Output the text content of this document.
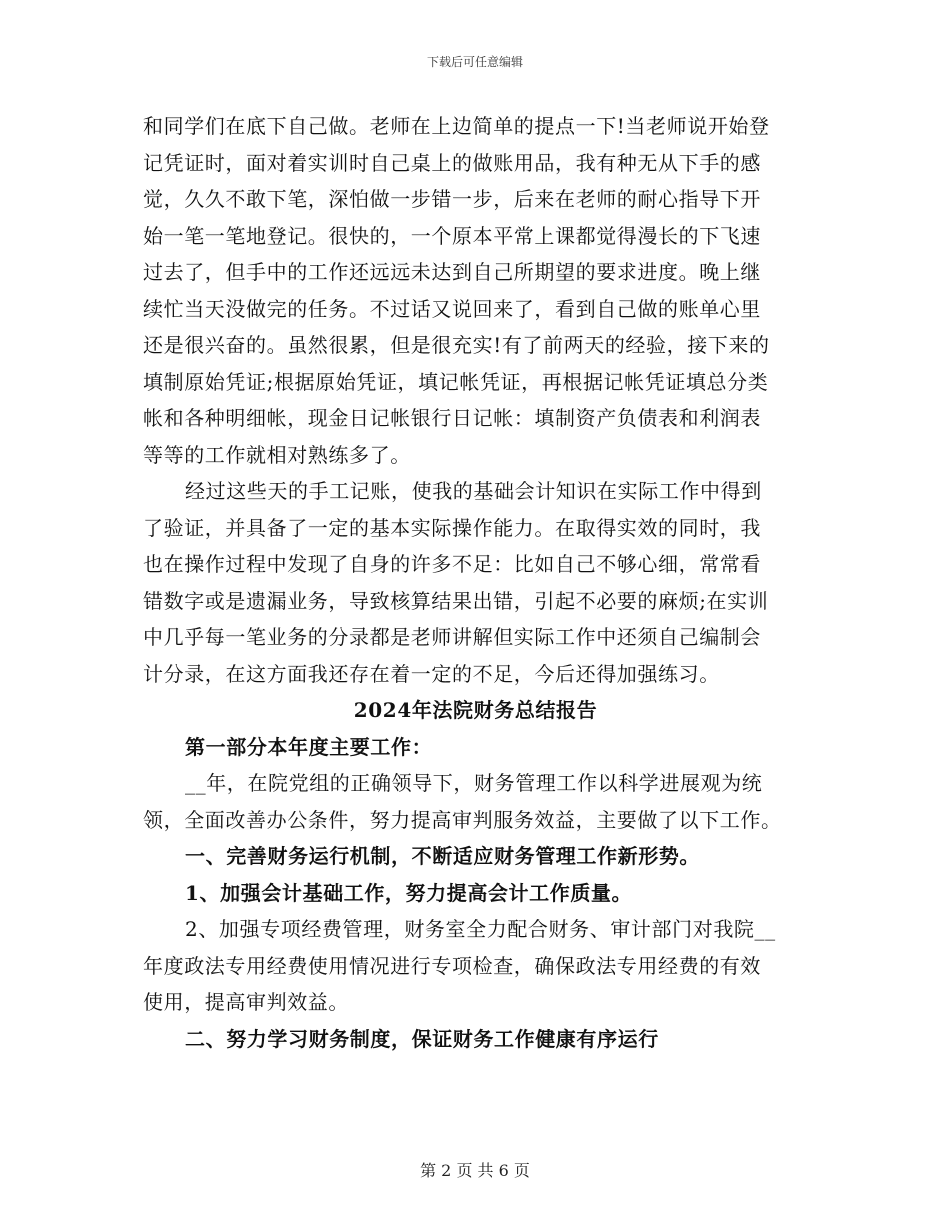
下载后可任意编辑
和同学们在底下自己做。老师在上边简单的提点一下!当老师说开始登
记凭证时，面对着实训时自己桌上的做账用品，我有种无从下手的感
觉，久久不敢下笔，深怕做一步错一步，后来在老师的耐心指导下开
始一笔一笔地登记。很快的，一个原本平常上课都觉得漫长的下飞速
过去了，但手中的工作还远远未达到自己所期望的要求进度。晚上继
续忙当天没做完的任务。不过话又说回来了，看到自己做的账单心里
还是很兴奋的。虽然很累，但是很充实!有了前两天的经验，接下来的
填制原始凭证;根据原始凭证，填记帐凭证，再根据记帐凭证填总分类
帐和各种明细帐，现金日记帐银行日记帐：填制资产负债表和利润表
等等的工作就相对熟练多了。
经过这些天的手工记账，使我的基础会计知识在实际工作中得到
了验证，并具备了一定的基本实际操作能力。在取得实效的同时，我
也在操作过程中发现了自身的许多不足：比如自己不够心细，常常看
错数字或是遗漏业务，导致核算结果出错，引起不必要的麻烦;在实训
中几乎每一笔业务的分录都是老师讲解但实际工作中还须自己编制会
计分录，在这方面我还存在着一定的不足，今后还得加强练习。
2024年法院财务总结报告
第一部分本年度主要工作：
__年，在院党组的正确领导下，财务管理工作以科学进展观为统
领，全面改善办公条件，努力提高审判服务效益，主要做了以下工作。
一、完善财务运行机制，不断适应财务管理工作新形势。
1、加强会计基础工作，努力提高会计工作质量。
2、加强专项经费管理，财务室全力配合财务、审计部门对我院__
年度政法专用经费使用情况进行专项检查，确保政法专用经费的有效
使用，提高审判效益。
二、努力学习财务制度，保证财务工作健康有序运行
第 2 页 共 6 页
